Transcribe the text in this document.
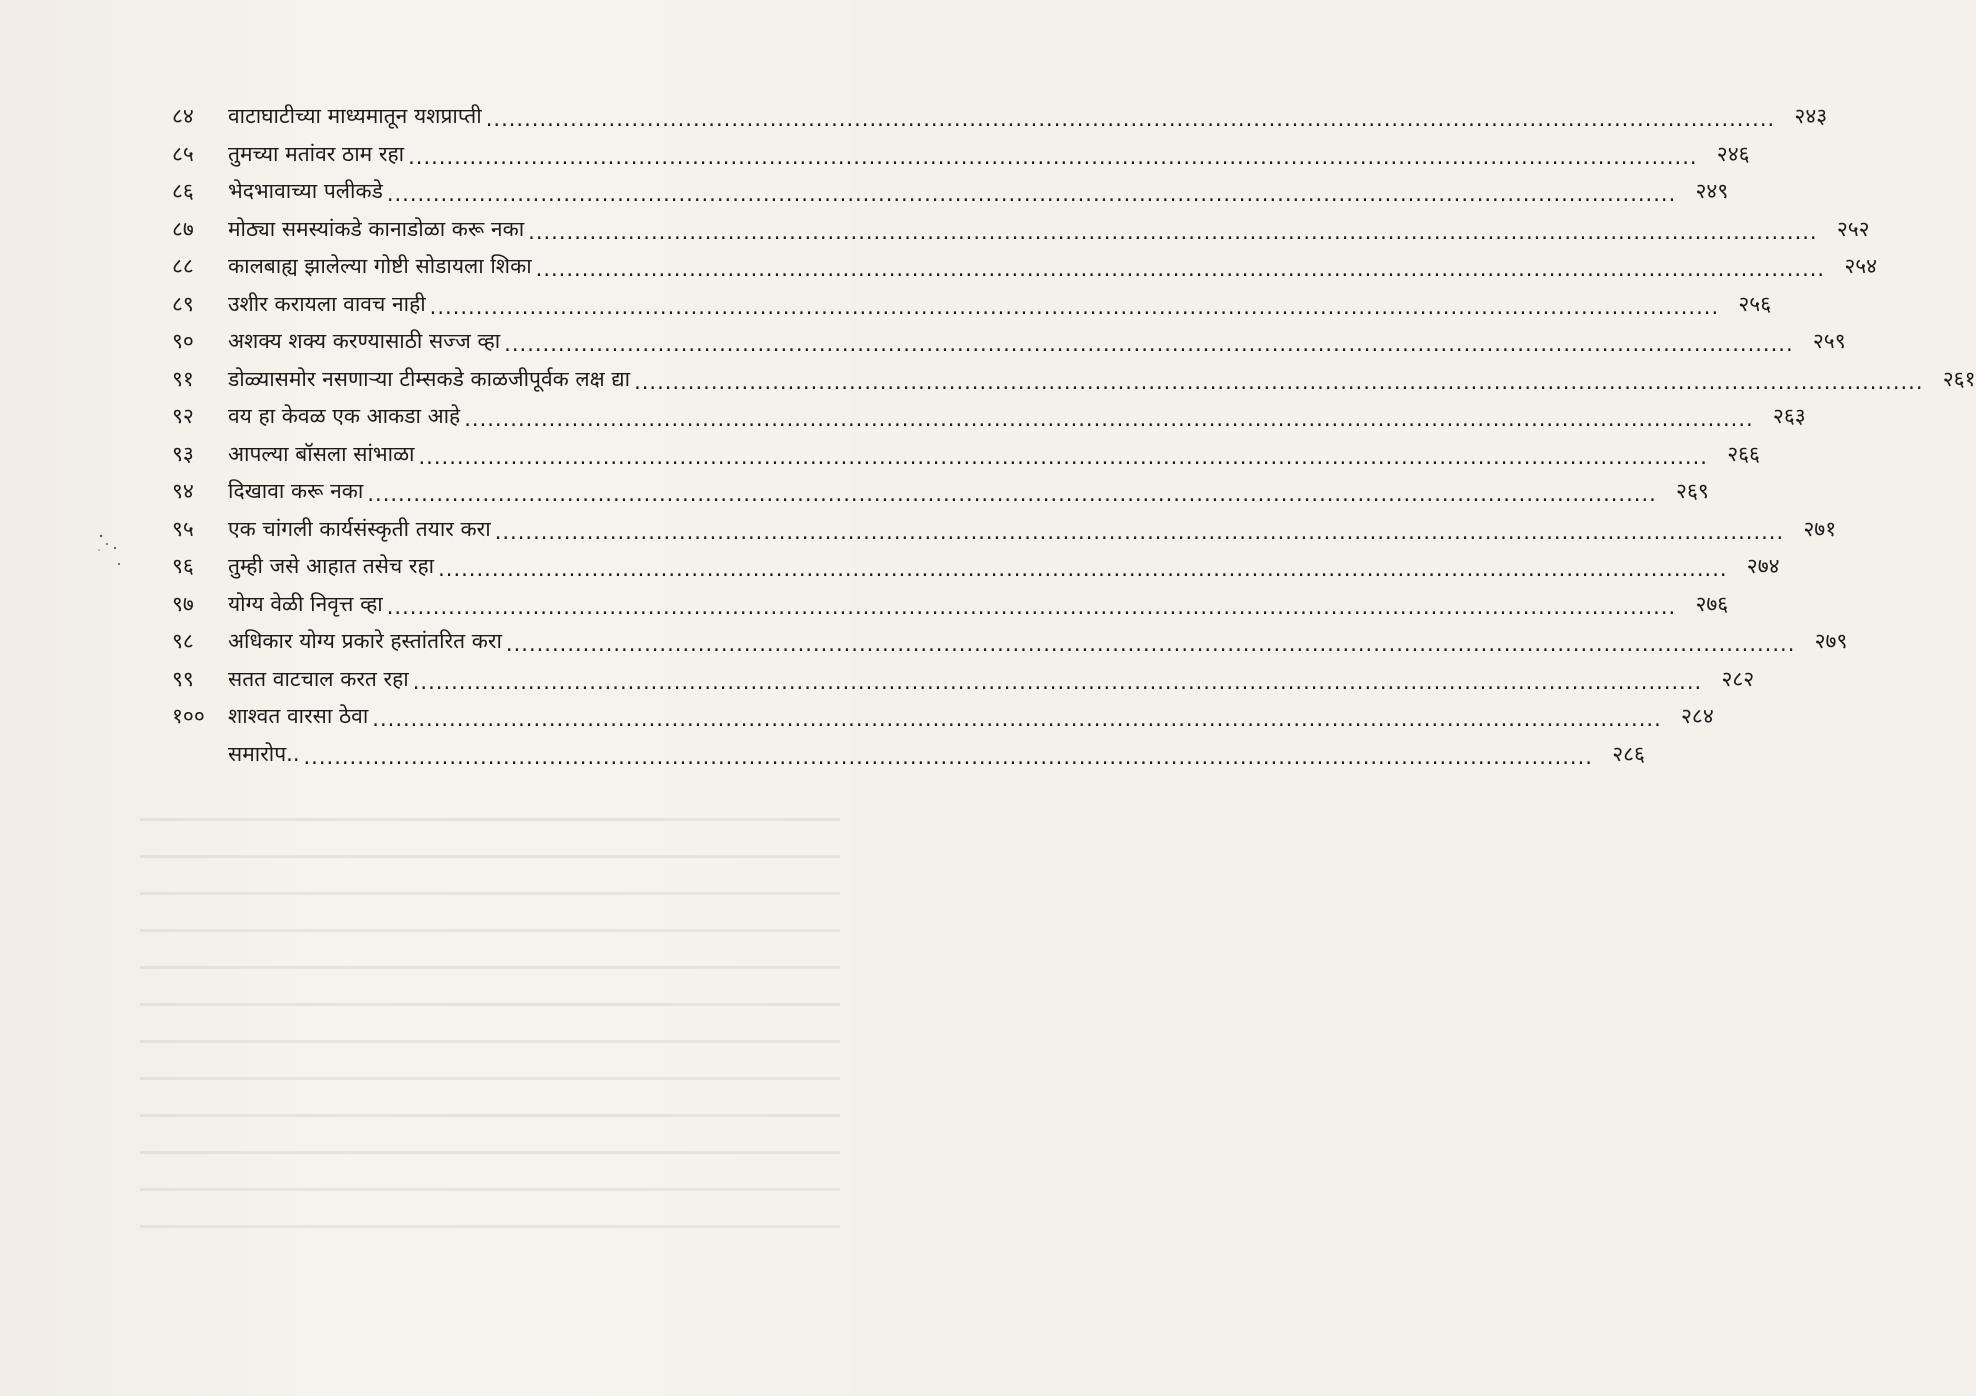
८४	वाटाघाटीच्या माध्यमातून यशप्राप्ती .....	२४३
८५	तुमच्या मतांवर ठाम रहा .....	२४६
८६	भेदभावाच्या पलीकडे .....	२४९
८७	मोठ्या समस्यांकडे कानाडोळा करू नका .....	२५२
८८	कालबाह्य झालेल्या गोष्टी सोडायला शिका .....	२५४
८९	उशीर करायला वावच नाही .....	२५६
९०	अशक्य शक्य करण्यासाठी सज्ज व्हा .....	२५९
९१	डोळ्यासमोर नसणाऱ्या टीम्सकडे काळजीपूर्वक लक्ष द्या .....	२६१
९२	वय हा केवळ एक आकडा आहे .....	२६३
९३	आपल्या बॉसला सांभाळा .....	२६६
९४	दिखावा करू नका .....	२६९
९५	एक चांगली कार्यसंस्कृती तयार करा .....	२७१
९६	तुम्ही जसे आहात तसेच रहा .....	२७४
९७	योग्य वेळी निवृत्त व्हा .....	२७६
९८	अधिकार योग्य प्रकारे हस्तांतरित करा .....	२७९
९९	सतत वाटचाल करत रहा .....	२८२
१००	शाश्वत वारसा ठेवा .....	२८४
समारोप.. .....	२८६
